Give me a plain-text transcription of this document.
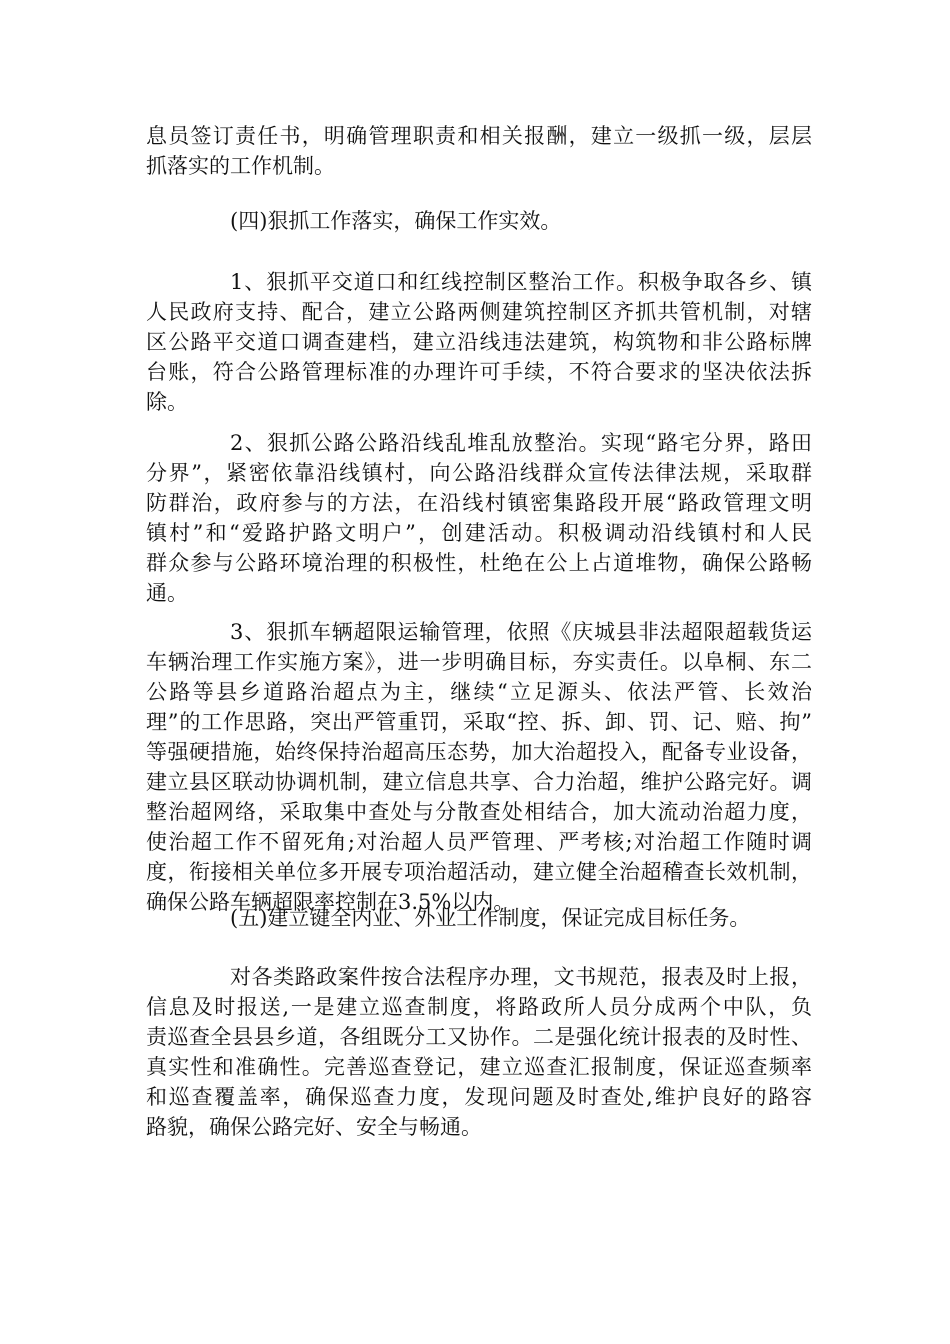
息员签订责任书，明确管理职责和相关报酬，建立一级抓一级，层层
抓落实的工作机制。
(四)狠抓工作落实，确保工作实效。
1、狠抓平交道口和红线控制区整治工作。积极争取各乡、镇
人民政府支持、配合，建立公路两侧建筑控制区齐抓共管机制，对辖
区公路平交道口调查建档，建立沿线违法建筑，构筑物和非公路标牌
台账，符合公路管理标准的办理许可手续，不符合要求的坚决依法拆
除。
2、狠抓公路公路沿线乱堆乱放整治。实现“路宅分界，路田
分界”，紧密依靠沿线镇村，向公路沿线群众宣传法律法规，采取群
防群治，政府参与的方法，在沿线村镇密集路段开展“路政管理文明
镇村”和“爱路护路文明户”，创建活动。积极调动沿线镇村和人民
群众参与公路环境治理的积极性，杜绝在公上占道堆物，确保公路畅
通。
3、狠抓车辆超限运输管理，依照《庆城县非法超限超载货运
车辆治理工作实施方案》，进一步明确目标，夯实责任。以阜桐、东二
公路等县乡道路治超点为主，继续“立足源头、依法严管、长效治
理”的工作思路，突出严管重罚，采取“控、拆、卸、罚、记、赔、拘”
等强硬措施，始终保持治超高压态势，加大治超投入，配备专业设备，
建立县区联动协调机制，建立信息共享、合力治超，维护公路完好。调
整治超网络，采取集中查处与分散查处相结合，加大流动治超力度，
使治超工作不留死角;对治超人员严管理、严考核;对治超工作随时调
度，衔接相关单位多开展专项治超活动，建立健全治超稽查长效机制，
确保公路车辆超限率控制在3.5%以内。
(五)建立键全内业、外业工作制度，保证完成目标任务。
对各类路政案件按合法程序办理，文书规范，报表及时上报，
信息及时报送,一是建立巡查制度，将路政所人员分成两个中队，负
责巡查全县县乡道，各组既分工又协作。二是强化统计报表的及时性、
真实性和准确性。完善巡查登记，建立巡查汇报制度，保证巡查频率
和巡查覆盖率，确保巡查力度，发现问题及时查处,维护良好的路容
路貌，确保公路完好、安全与畅通。
